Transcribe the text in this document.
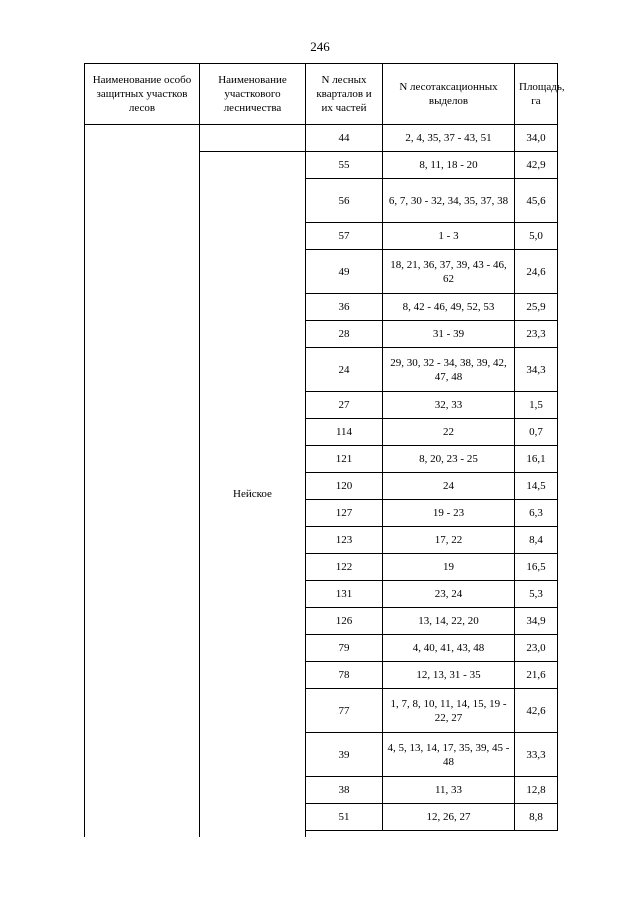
246
Наименование особо защитных участков лесов	Наименование участкового лесничества	N лесных кварталов и их частей	N лесотаксационных выделов	Площадь, га
		44	2, 4, 35, 37 - 43, 51	34,0
	Нейское	55	8, 11, 18 - 20	42,9
		56	6, 7, 30 - 32, 34, 35, 37, 38	45,6
		57	1 - 3	5,0
		49	18, 21, 36, 37, 39, 43 - 46, 62	24,6
		36	8, 42 - 46, 49, 52, 53	25,9
		28	31 - 39	23,3
		24	29, 30, 32 - 34, 38, 39, 42, 47, 48	34,3
		27	32, 33	1,5
		114	22	0,7
		121	8, 20, 23 - 25	16,1
		120	24	14,5
		127	19 - 23	6,3
		123	17, 22	8,4
		122	19	16,5
		131	23, 24	5,3
		126	13, 14, 22, 20	34,9
		79	4, 40, 41, 43, 48	23,0
		78	12, 13, 31 - 35	21,6
		77	1, 7, 8, 10, 11, 14, 15, 19 - 22, 27	42,6
		39	4, 5, 13, 14, 17, 35, 39, 45 - 48	33,3
		38	11, 33	12,8
		51	12, 26, 27	8,8
